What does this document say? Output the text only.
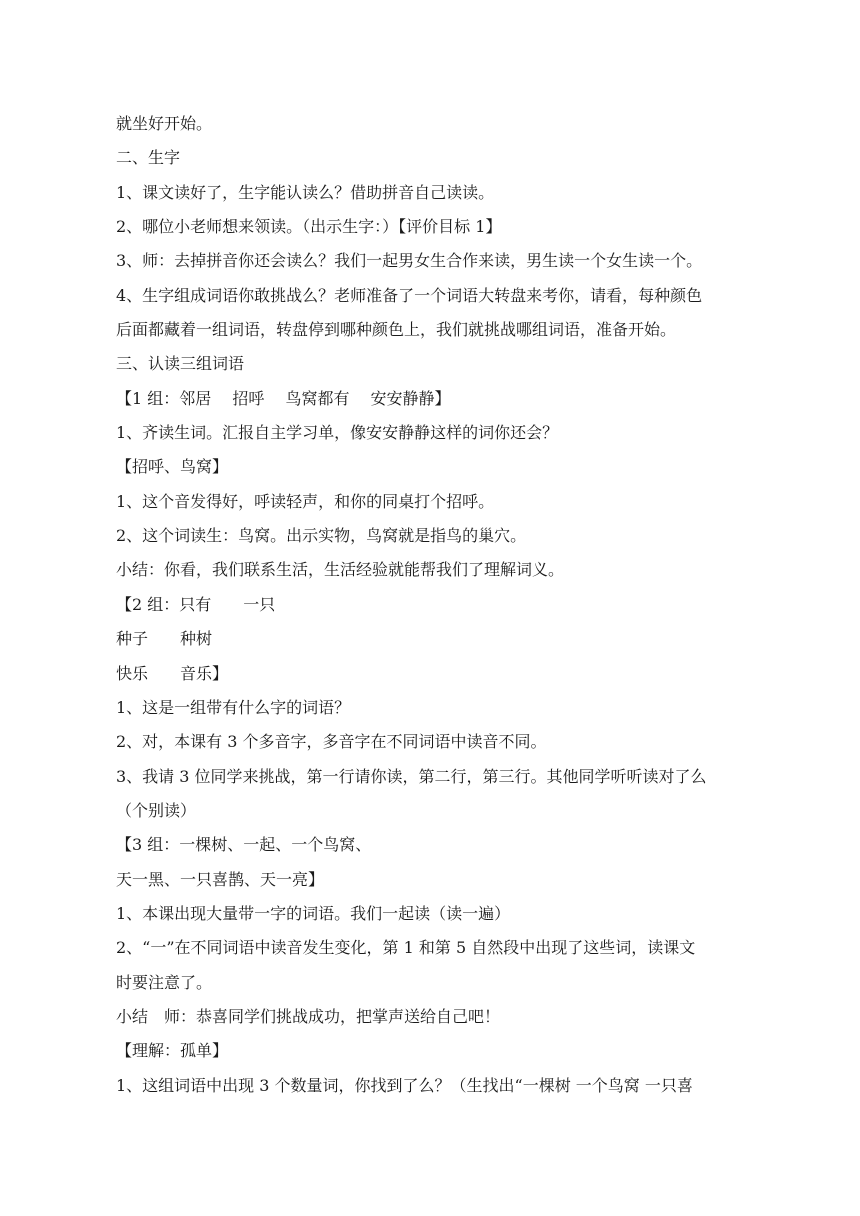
就坐好开始。
二、生字
1、课文读好了，生字能认读么？借助拼音自己读读。
2、哪位小老师想来领读。（出示生字：）【评价目标 1】
3、师：去掉拼音你还会读么？我们一起男女生合作来读，男生读一个女生读一个。
4、生字组成词语你敢挑战么？老师准备了一个词语大转盘来考你，请看，每种颜色
后面都藏着一组词语，转盘停到哪种颜色上，我们就挑战哪组词语，准备开始。
三、认读三组词语
【1 组：邻居　 招呼　 鸟窝都有　 安安静静】
1、齐读生词。汇报自主学习单，像安安静静这样的词你还会？
【招呼、鸟窝】
1、这个音发得好，呼读轻声，和你的同桌打个招呼。
2、这个词读生：鸟窝。出示实物，鸟窝就是指鸟的巢穴。
小结：你看，我们联系生活，生活经验就能帮我们了理解词义。
【2 组：只有　　一只
种子　　种树
快乐　　音乐】
1、这是一组带有什么字的词语？
2、对，本课有 3 个多音字，多音字在不同词语中读音不同。
3、我请 3 位同学来挑战，第一行请你读，第二行，第三行。其他同学听听读对了么
（个别读）
【3 组：一棵树、一起、一个鸟窝、
天一黑、一只喜鹊、天一亮】
1、本课出现大量带一字的词语。我们一起读（读一遍）
2、“一”在不同词语中读音发生变化，第 1 和第 5 自然段中出现了这些词，读课文
时要注意了。
小结　师：恭喜同学们挑战成功，把掌声送给自己吧！
【理解：孤单】
1、这组词语中出现 3 个数量词，你找到了么？（生找出“一棵树 一个鸟窝 一只喜
